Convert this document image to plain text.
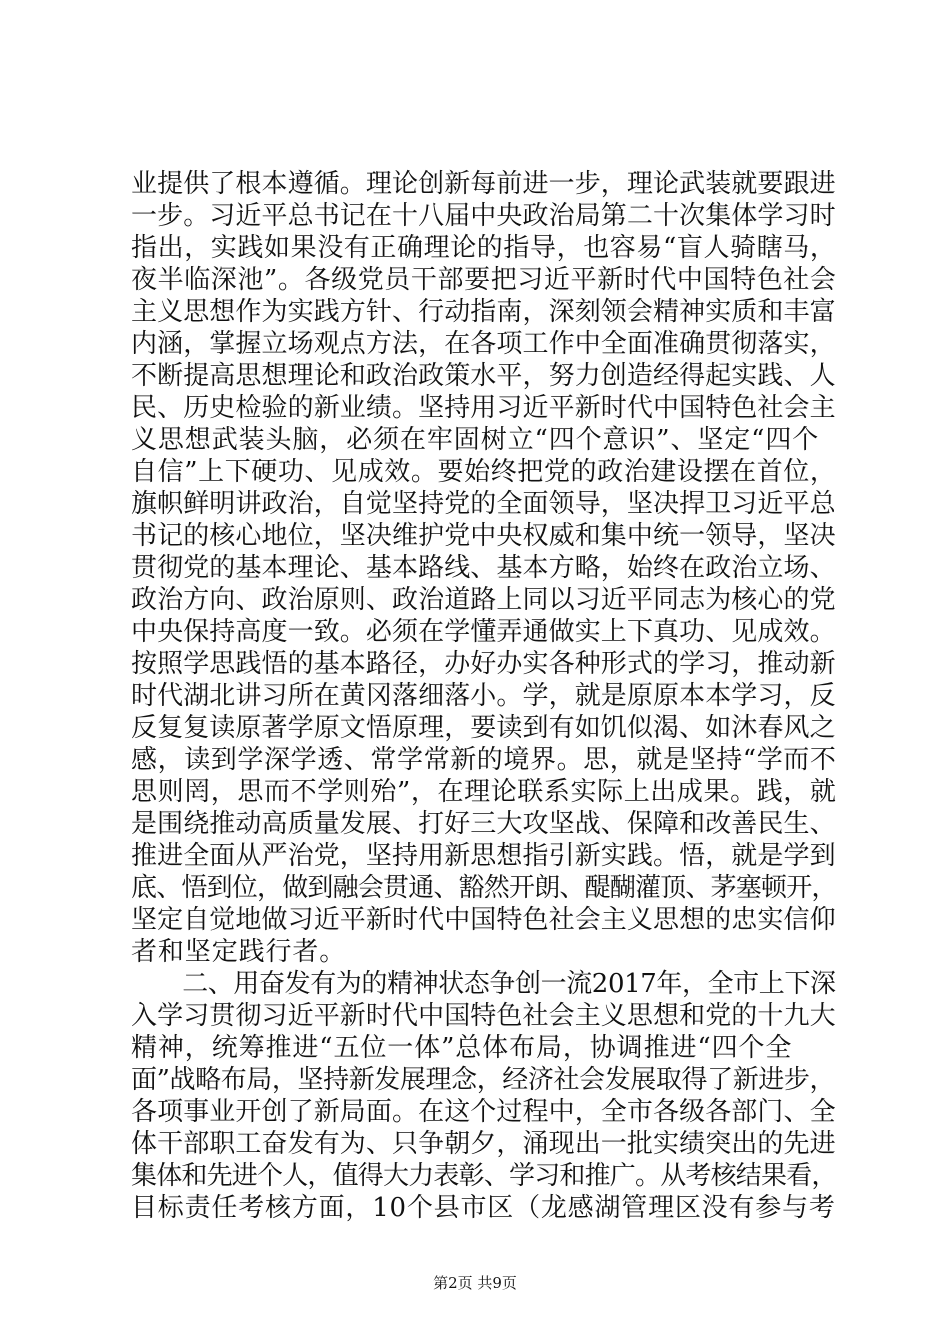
业提供了根本遵循。理论创新每前进一步，理论武装就要跟进
一步。习近平总书记在十八届中央政治局第二十次集体学习时
指出，实践如果没有正确理论的指导，也容易“盲人骑瞎马，
夜半临深池”。各级党员干部要把习近平新时代中国特色社会
主义思想作为实践方针、行动指南，深刻领会精神实质和丰富
内涵，掌握立场观点方法，在各项工作中全面准确贯彻落实，
不断提高思想理论和政治政策水平，努力创造经得起实践、人
民、历史检验的新业绩。坚持用习近平新时代中国特色社会主
义思想武装头脑，必须在牢固树立“四个意识”、坚定“四个
自信”上下硬功、见成效。要始终把党的政治建设摆在首位，
旗帜鲜明讲政治，自觉坚持党的全面领导，坚决捍卫习近平总
书记的核心地位，坚决维护党中央权威和集中统一领导，坚决
贯彻党的基本理论、基本路线、基本方略，始终在政治立场、
政治方向、政治原则、政治道路上同以习近平同志为核心的党
中央保持高度一致。必须在学懂弄通做实上下真功、见成效。
按照学思践悟的基本路径，办好办实各种形式的学习，推动新
时代湖北讲习所在黄冈落细落小。学，就是原原本本学习，反
反复复读原著学原文悟原理，要读到有如饥似渴、如沐春风之
感，读到学深学透、常学常新的境界。思，就是坚持“学而不
思则罔，思而不学则殆”，在理论联系实际上出成果。践，就
是围绕推动高质量发展、打好三大攻坚战、保障和改善民生、
推进全面从严治党，坚持用新思想指引新实践。悟，就是学到
底、悟到位，做到融会贯通、豁然开朗、醍醐灌顶、茅塞顿开，
坚定自觉地做习近平新时代中国特色社会主义思想的忠实信仰
者和坚定践行者。
　　二、用奋发有为的精神状态争创一流2017年，全市上下深
入学习贯彻习近平新时代中国特色社会主义思想和党的十九大
精神，统筹推进“五位一体”总体布局，协调推进“四个全
面”战略布局，坚持新发展理念，经济社会发展取得了新进步，
各项事业开创了新局面。在这个过程中，全市各级各部门、全
体干部职工奋发有为、只争朝夕，涌现出一批实绩突出的先进
集体和先进个人，值得大力表彰、学习和推广。从考核结果看，
目标责任考核方面，10个县市区（龙感湖管理区没有参与考
第2页 共9页
